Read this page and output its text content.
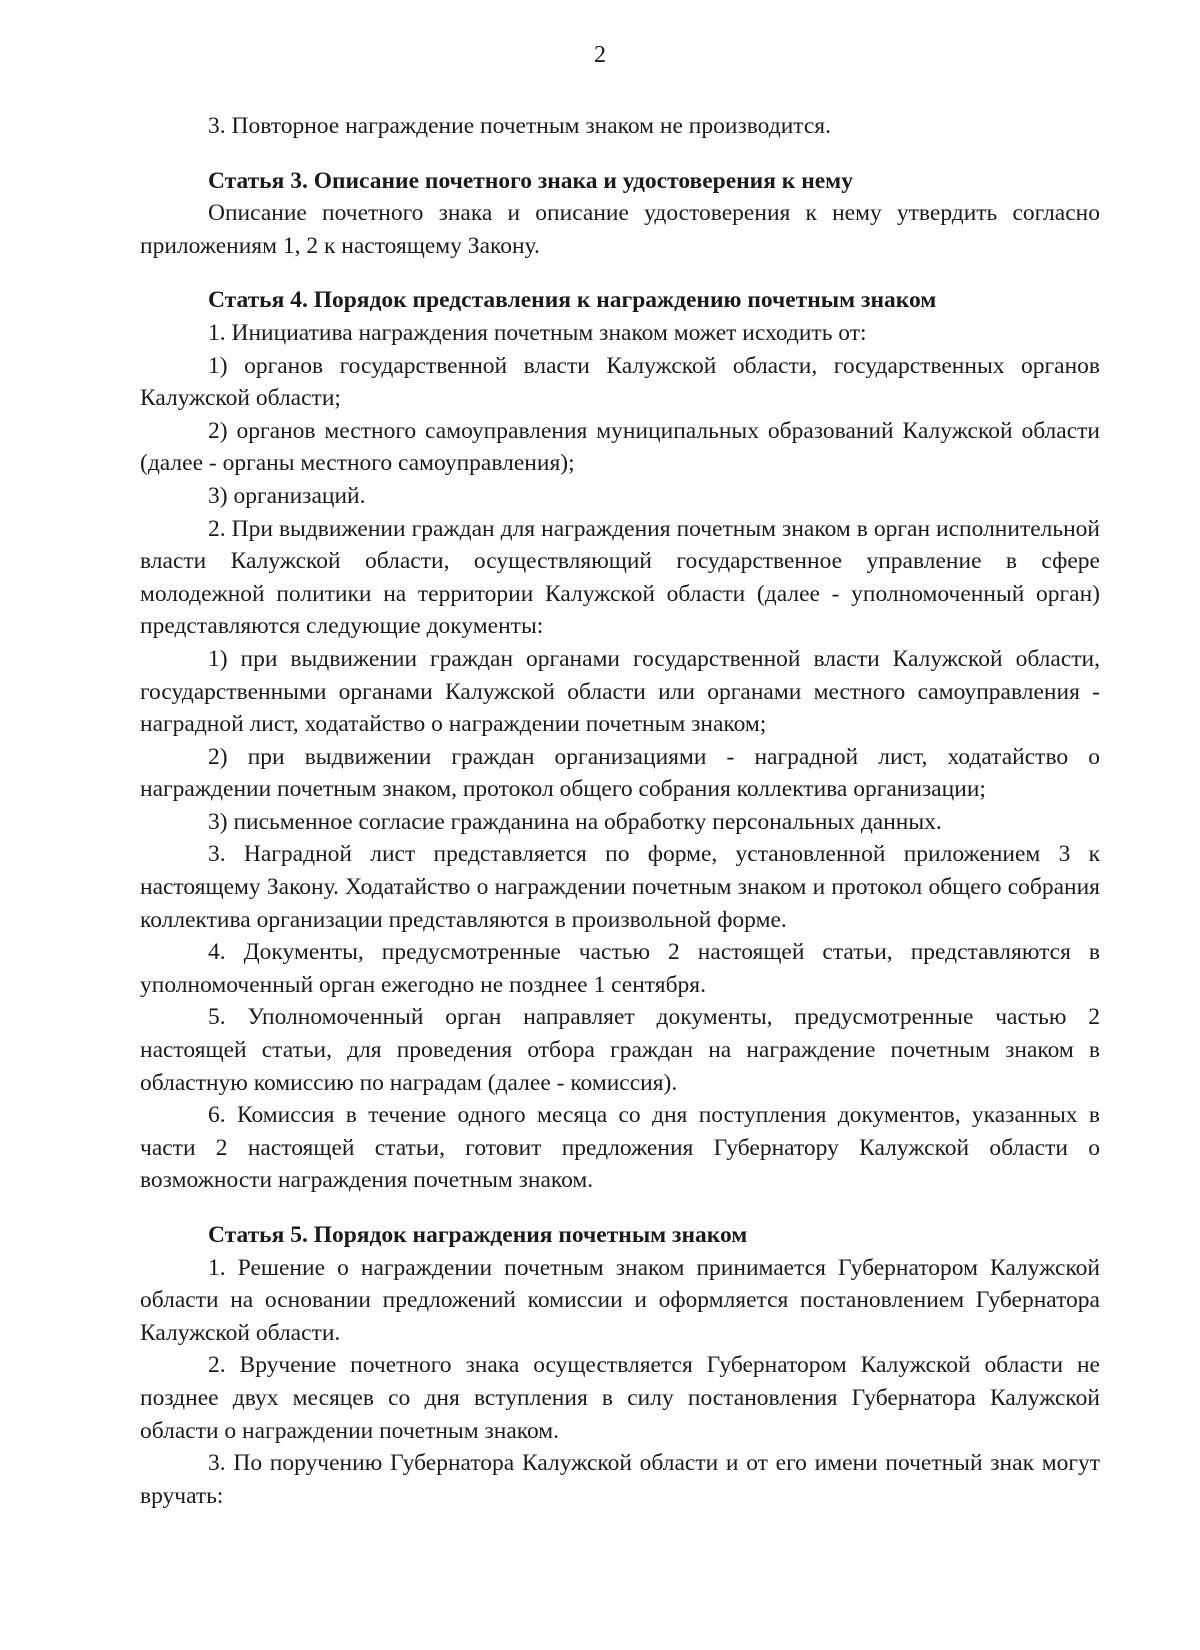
2

3. Повторное награждение почетным знаком не производится.

Статья 3. Описание почетного знака и удостоверения к нему

Описание почетного знака и описание удостоверения к нему утвердить согласно приложениям 1, 2 к настоящему Закону.

Статья 4. Порядок представления к награждению почетным знаком

1. Инициатива награждения почетным знаком может исходить от:

1) органов государственной власти Калужской области, государственных органов Калужской области;

2) органов местного самоуправления муниципальных образований Калужской области (далее - органы местного самоуправления);

3) организаций.

2. При выдвижении граждан для награждения почетным знаком в орган исполнительной власти Калужской области, осуществляющий государственное управление в сфере молодежной политики на территории Калужской области (далее - уполномоченный орган) представляются следующие документы:

1) при выдвижении граждан органами государственной власти Калужской области, государственными органами Калужской области или органами местного самоуправления - наградной лист, ходатайство о награждении почетным знаком;

2) при выдвижении граждан организациями - наградной лист, ходатайство о награждении почетным знаком, протокол общего собрания коллектива организации;

3) письменное согласие гражданина на обработку персональных данных.

3. Наградной лист представляется по форме, установленной приложением 3 к настоящему Закону. Ходатайство о награждении почетным знаком и протокол общего собрания коллектива организации представляются в произвольной форме.

4. Документы, предусмотренные частью 2 настоящей статьи, представляются в уполномоченный орган ежегодно не позднее 1 сентября.

5. Уполномоченный орган направляет документы, предусмотренные частью 2 настоящей статьи, для проведения отбора граждан на награждение почетным знаком в областную комиссию по наградам (далее - комиссия).

6. Комиссия в течение одного месяца со дня поступления документов, указанных в части 2 настоящей статьи, готовит предложения Губернатору Калужской области о возможности награждения почетным знаком.

Статья 5. Порядок награждения почетным знаком

1. Решение о награждении почетным знаком принимается Губернатором Калужской области на основании предложений комиссии и оформляется постановлением Губернатора Калужской области.

2. Вручение почетного знака осуществляется Губернатором Калужской области не позднее двух месяцев со дня вступления в силу постановления Губернатора Калужской области о награждении почетным знаком.

3. По поручению Губернатора Калужской области и от его имени почетный знак могут вручать:
